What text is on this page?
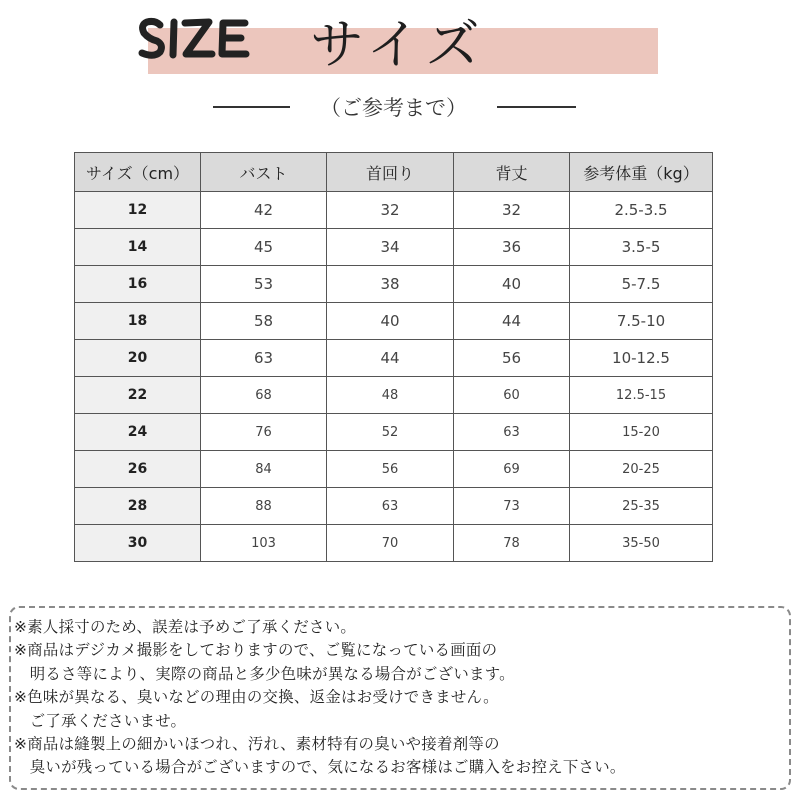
サイズ
（ご参考まで）
サイズ（cm）	バスト	首回り	背丈	参考体重（kg）
12	42	32	32	2.5-3.5
14	45	34	36	3.5-5
16	53	38	40	5-7.5
18	58	40	44	7.5-10
20	63	44	56	10-12.5
22	68	48	60	12.5-15
24	76	52	63	15-20
26	84	56	69	20-25
28	88	63	73	25-35
30	103	70	78	35-50
※素人採寸のため、誤差は予めご了承ください。
※商品はデジカメ撮影をしておりますので、ご覧になっている画面の
　明るさ等により、実際の商品と多少色味が異なる場合がございます。
※色味が異なる、臭いなどの理由の交換、返金はお受けできません。
　ご了承くださいませ。
※商品は縫製上の細かいほつれ、汚れ、素材特有の臭いや接着剤等の
　臭いが残っている場合がございますので、気になるお客様はご購入をお控え下さい。
